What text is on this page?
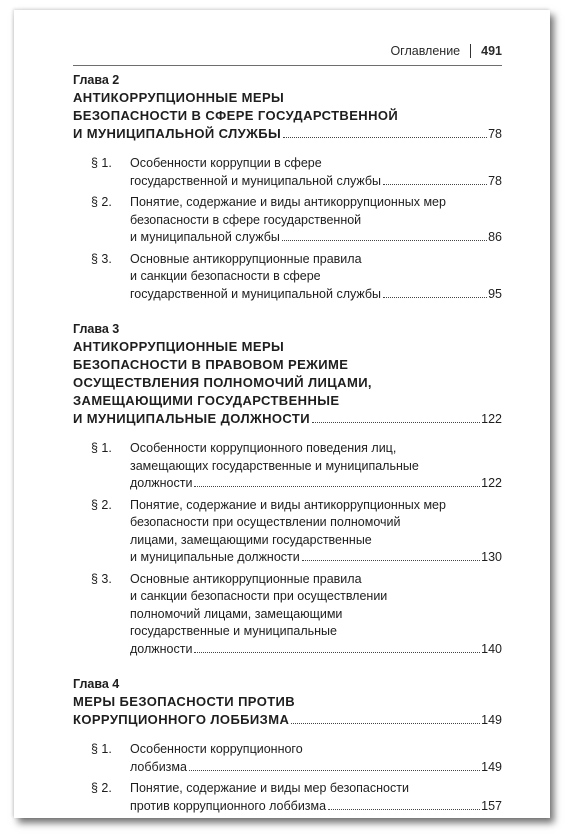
Оглавление 491
Глава 2
АНТИКОРРУПЦИОННЫЕ МЕРЫ
БЕЗОПАСНОСТИ В СФЕРЕ ГОСУДАРСТВЕННОЙ
И МУНИЦИПАЛЬНОЙ СЛУЖБЫ	78
§ 1.	Особенности коррупции в сфере
государственной и муниципальной службы	78
§ 2.	Понятие, содержание и виды антикоррупционных мер
безопасности в сфере государственной
и муниципальной службы	86
§ 3.	Основные антикоррупционные правила
и санкции безопасности в сфере
государственной и муниципальной службы	95
Глава 3
АНТИКОРРУПЦИОННЫЕ МЕРЫ
БЕЗОПАСНОСТИ В ПРАВОВОМ РЕЖИМЕ
ОСУЩЕСТВЛЕНИЯ ПОЛНОМОЧИЙ ЛИЦАМИ,
ЗАМЕЩАЮЩИМИ ГОСУДАРСТВЕННЫЕ
И МУНИЦИПАЛЬНЫЕ ДОЛЖНОСТИ	122
§ 1.	Особенности коррупционного поведения лиц,
замещающих государственные и муниципальные
должности	122
§ 2.	Понятие, содержание и виды антикоррупционных мер
безопасности при осуществлении полномочий
лицами, замещающими государственные
и муниципальные должности	130
§ 3.	Основные антикоррупционные правила
и санкции безопасности при осуществлении
полномочий лицами, замещающими
государственные и муниципальные
должности	140
Глава 4
МЕРЫ БЕЗОПАСНОСТИ ПРОТИВ
КОРРУПЦИОННОГО ЛОББИЗМА	149
§ 1.	Особенности коррупционного
лоббизма	149
§ 2.	Понятие, содержание и виды мер безопасности
против коррупционного лоббизма	157
